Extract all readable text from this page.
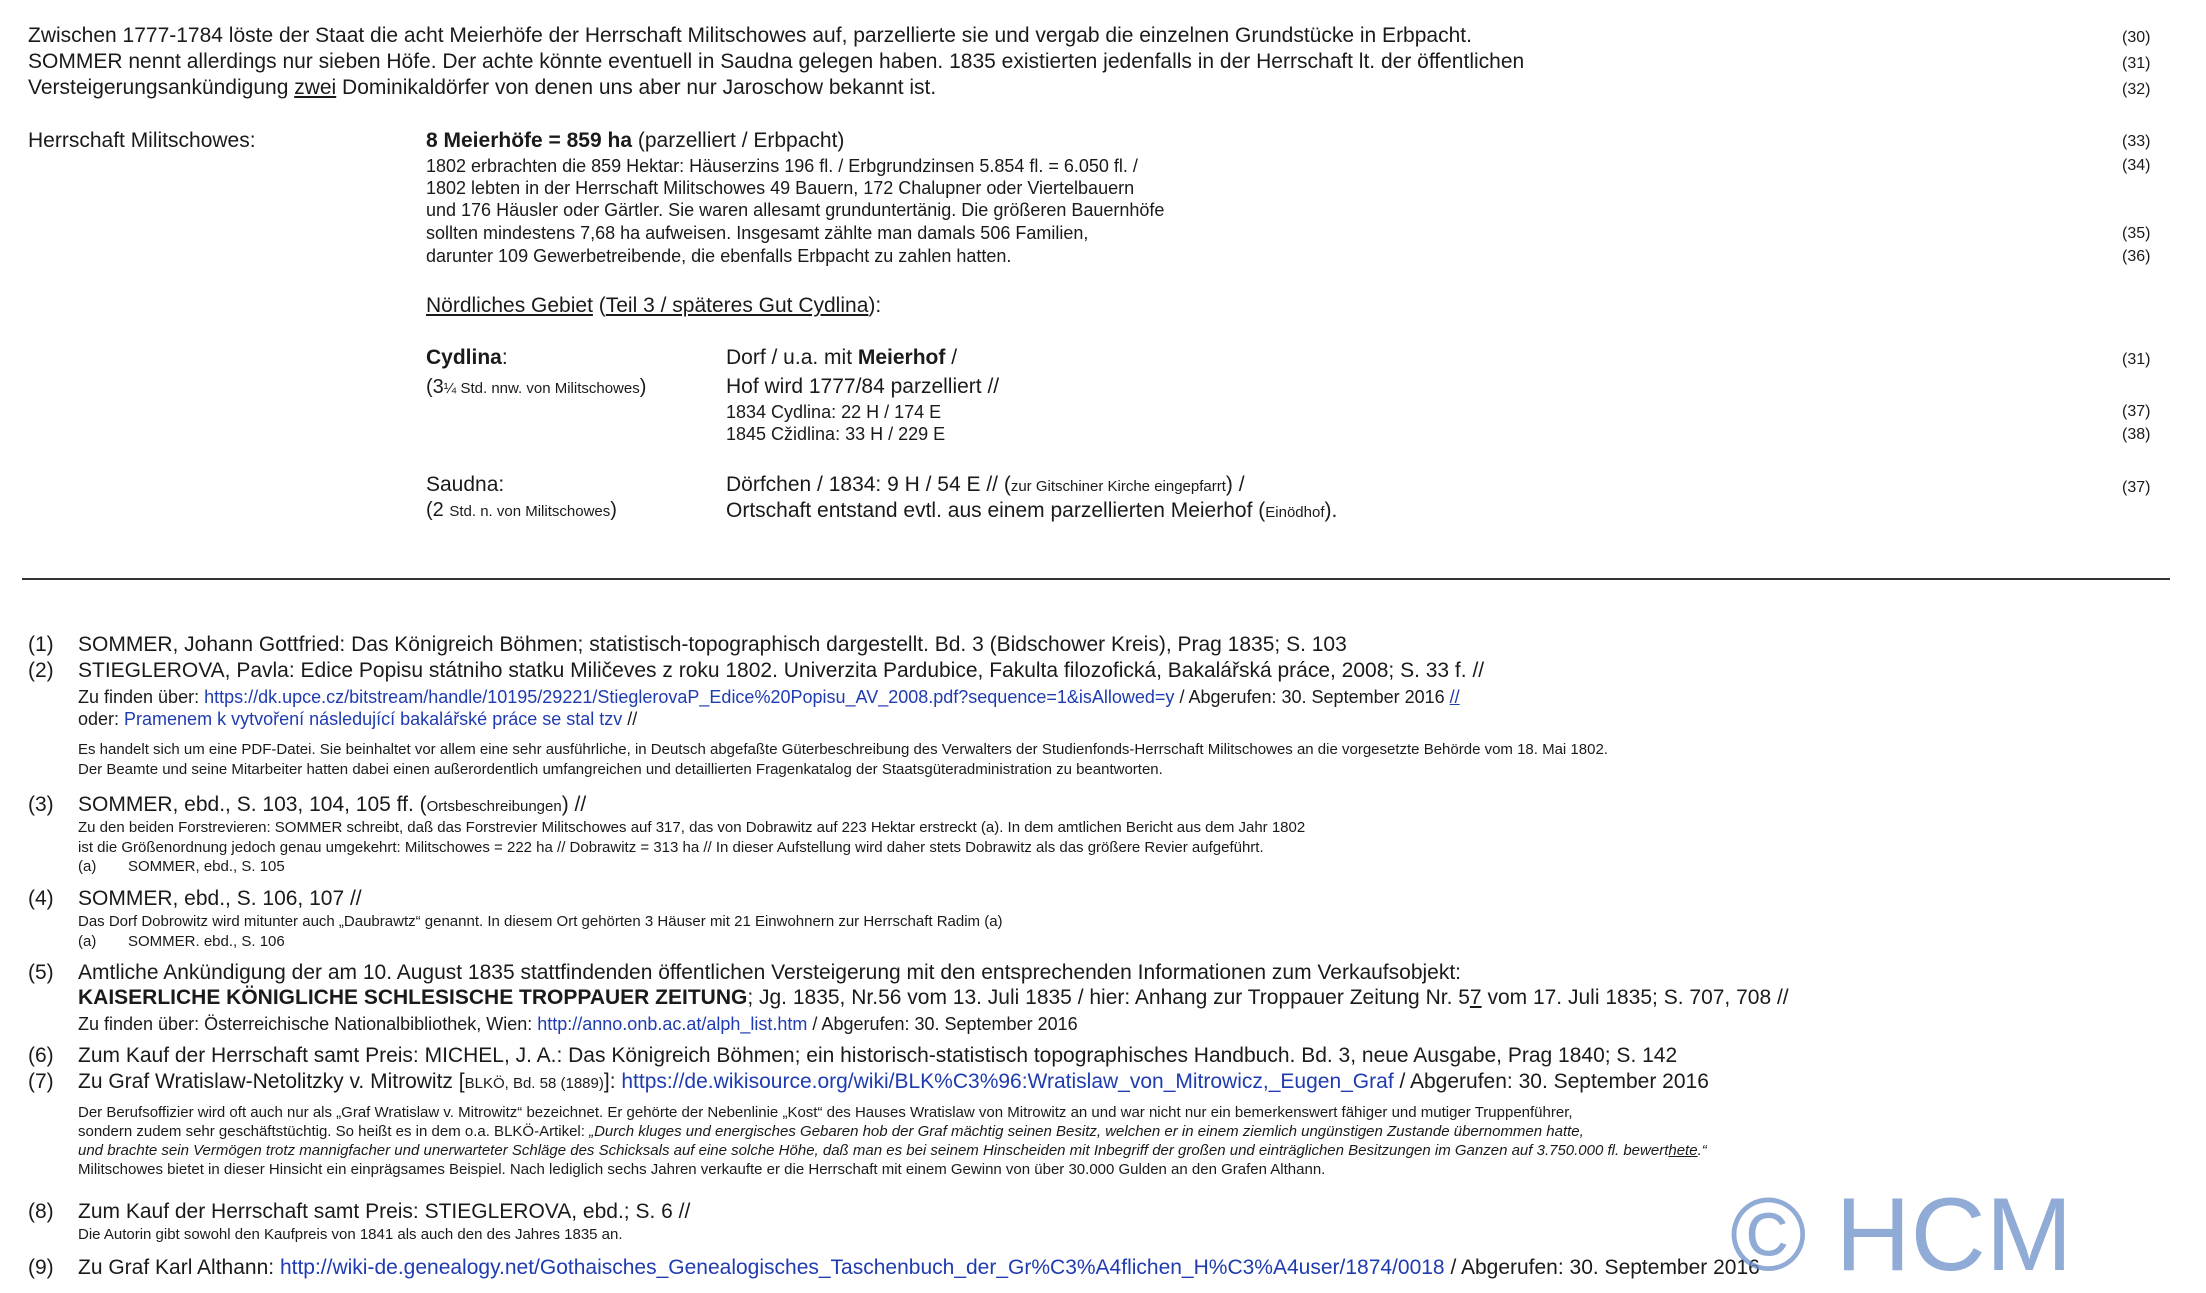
Zwischen 1777-1784 löste der Staat die acht Meierhöfe der Herrschaft Militschowes auf, parzellierte sie und vergab die einzelnen Grundstücke in Erbpacht.
SOMMER nennt allerdings nur sieben Höfe. Der achte könnte eventuell in Saudna gelegen haben. 1835 existierten jedenfalls in der Herrschaft lt. der öffentlichen
Versteigerungsankündigung zwei Dominikaldörfer von denen uns aber nur Jaroschow bekannt ist.
(30)
(31)
(32)
Herrschaft Militschowes:	8 Meierhöfe = 859 ha (parzelliert / Erbpacht)
1802 erbrachten die 859 Hektar: Häuserzins 196 fl. / Erbgrundzinsen 5.854 fl. = 6.050 fl. /
1802 lebten in der Herrschaft Militschowes 49 Bauern, 172 Chalupner oder Viertelbauern
und 176 Häusler oder Gärtler. Sie waren allesamt grunduntertänig. Die größeren Bauernhöfe
sollten mindestens 7,68 ha aufweisen. Insgesamt zählte man damals 506 Familien,
darunter 109 Gewerbetreibende, die ebenfalls Erbpacht zu zahlen hatten.
(33)
(34)
(35)
(36)
Nördliches Gebiet (Teil 3 / späteres Gut Cydlina):
Cydlina:
(3¼ Std. nnw. von Militschowes)
Dorf / u.a. mit Meierhof /
Hof wird 1777/84 parzelliert //
1834 Cydlina: 22 H / 174 E
1845 Cžidlina: 33 H / 229 E
(31)
(37)
(38)
Saudna:
(2 Std. n. von Militschowes)
Dörfchen / 1834: 9 H / 54 E // (zur Gitschiner Kirche eingepfarrt) /
Ortschaft entstand evtl. aus einem parzellierten Meierhof (Einödhof).
(37)
(1) SOMMER, Johann Gottfried: Das Königreich Böhmen; statistisch-topographisch dargestellt. Bd. 3 (Bidschower Kreis), Prag 1835; S. 103
(2) STIEGLEROVA, Pavla: Edice Popisu státniho statku Miličeves z roku 1802. Univerzita Pardubice, Fakulta filozofická, Bakalářská práce, 2008; S. 33 f. //
Zu finden über: https://dk.upce.cz/bitstream/handle/10195/29221/StieglerovaP_Edice%20Popisu_AV_2008.pdf?sequence=1&isAllowed=y / Abgerufen: 30. September 2016 //
oder: Pramenem k vytvoření následující bakalářské práce se stal tzv //
Es handelt sich um eine PDF-Datei. Sie beinhaltet vor allem eine sehr ausführliche, in Deutsch abgefaßte Güterbeschreibung des Verwalters der Studienfonds-Herrschaft Militschowes an die vorgesetzte Behörde vom 18. Mai 1802.
Der Beamte und seine Mitarbeiter hatten dabei einen außerordentlich umfangreichen und detaillierten Fragenkatalog der Staatsgüteradministration zu beantworten.
(3) SOMMER, ebd., S. 103, 104, 105 ff. (Ortsbeschreibungen) //
Zu den beiden Forstrevieren: SOMMER schreibt, daß das Forstrevier Militschowes auf 317, das von Dobrawitz auf 223 Hektar erstreckt (a). In dem amtlichen Bericht aus dem Jahr 1802
ist die Größenordnung jedoch genau umgekehrt: Militschowes = 222 ha // Dobrawitz = 313 ha // In dieser Aufstellung wird daher stets Dobrawitz als das größere Revier aufgeführt.
(a) SOMMER, ebd., S. 105
(4) SOMMER, ebd., S. 106, 107 //
Das Dorf Dobrowitz wird mitunter auch „Daubrawtz“ genannt. In diesem Ort gehörten 3 Häuser mit 21 Einwohnern zur Herrschaft Radim (a)
(a) SOMMER. ebd., S. 106
(5) Amtliche Ankündigung der am 10. August 1835 stattfindenden öffentlichen Versteigerung mit den entsprechenden Informationen zum Verkaufsobjekt:
KAISERLICHE KÖNIGLICHE SCHLESISCHE TROPPAUER ZEITUNG; Jg. 1835, Nr.56 vom 13. Juli 1835 / hier: Anhang zur Troppauer Zeitung Nr. 57 vom 17. Juli 1835; S. 707, 708 //
Zu finden über: Österreichische Nationalbibliothek, Wien: http://anno.onb.ac.at/alph_list.htm / Abgerufen: 30. September 2016
(6) Zum Kauf der Herrschaft samt Preis: MICHEL, J. A.: Das Königreich Böhmen; ein historisch-statistisch topographisches Handbuch. Bd. 3, neue Ausgabe, Prag 1840; S. 142
(7) Zu Graf Wratislaw-Netolitzky v. Mitrowitz [BLKÖ, Bd. 58 (1889)]: https://de.wikisource.org/wiki/BLK%C3%96:Wratislaw_von_Mitrowicz,_Eugen_Graf / Abgerufen: 30. September 2016
Der Berufsoffizier wird oft auch nur als „Graf Wratislaw v. Mitrowitz“ bezeichnet. Er gehörte der Nebenlinie „Kost“ des Hauses Wratislaw von Mitrowitz an und war nicht nur ein bemerkenswert fähiger und mutiger Truppenführer,
sondern zudem sehr geschäftstüchtig. So heißt es in dem o.a. BLKÖ-Artikel: „Durch kluges und energisches Gebaren hob der Graf mächtig seinen Besitz, welchen er in einem ziemlich ungünstigen Zustande übernommen hatte,
und brachte sein Vermögen trotz mannigfacher und unerwarteter Schläge des Schicksals auf eine solche Höhe, daß man es bei seinem Hinscheiden mit Inbegriff der großen und einträglichen Besitzungen im Ganzen auf 3.750.000 fl. bewerthete.“
Militschowes bietet in dieser Hinsicht ein einprägsames Beispiel. Nach lediglich sechs Jahren verkaufte er die Herrschaft mit einem Gewinn von über 30.000 Gulden an den Grafen Althann.
(8) Zum Kauf der Herrschaft samt Preis: STIEGLEROVA, ebd.; S. 6 //
Die Autorin gibt sowohl den Kaufpreis von 1841 als auch den des Jahres 1835 an.
(9) Zu Graf Karl Althann: http://wiki-de.genealogy.net/Gothaisches_Genealogisches_Taschenbuch_der_Gr%C3%A4flichen_H%C3%A4user/1874/0018 / Abgerufen: 30. September 2016
© HCM
